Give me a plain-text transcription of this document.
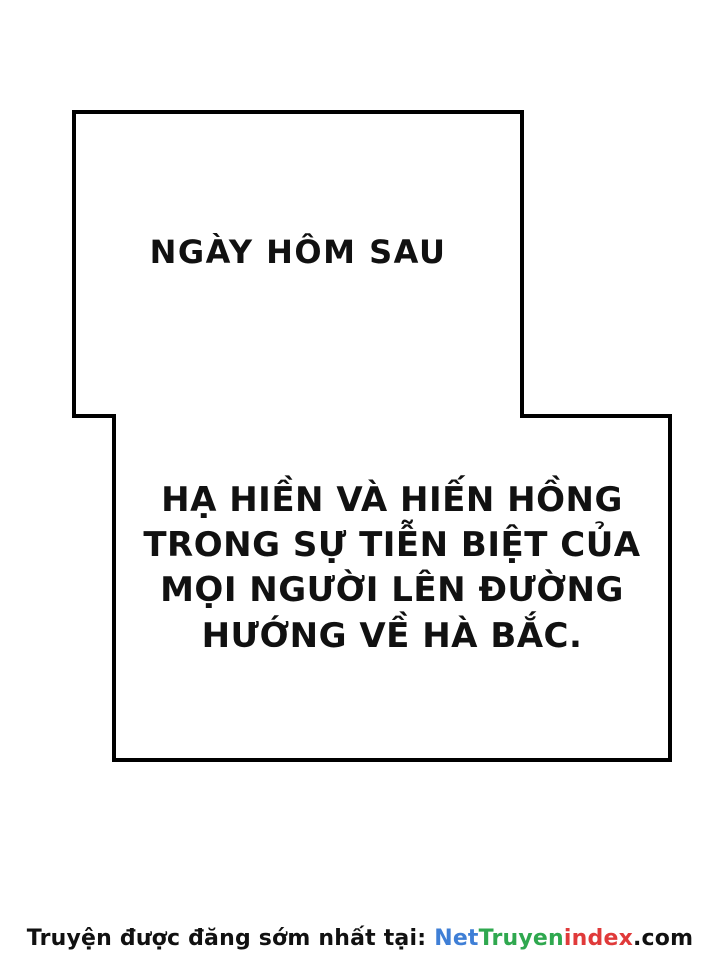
NGÀY HÔM SAU
HẠ HIỀN VÀ HIẾN HỒNG
TRONG SỰ TIỄN BIỆT CỦA
MỌI NGƯỜI LÊN ĐƯỜNG
HƯỚNG VỀ HÀ BẮC.
Truyện được đăng sớm nhất tại: NetTruyenindex.com
